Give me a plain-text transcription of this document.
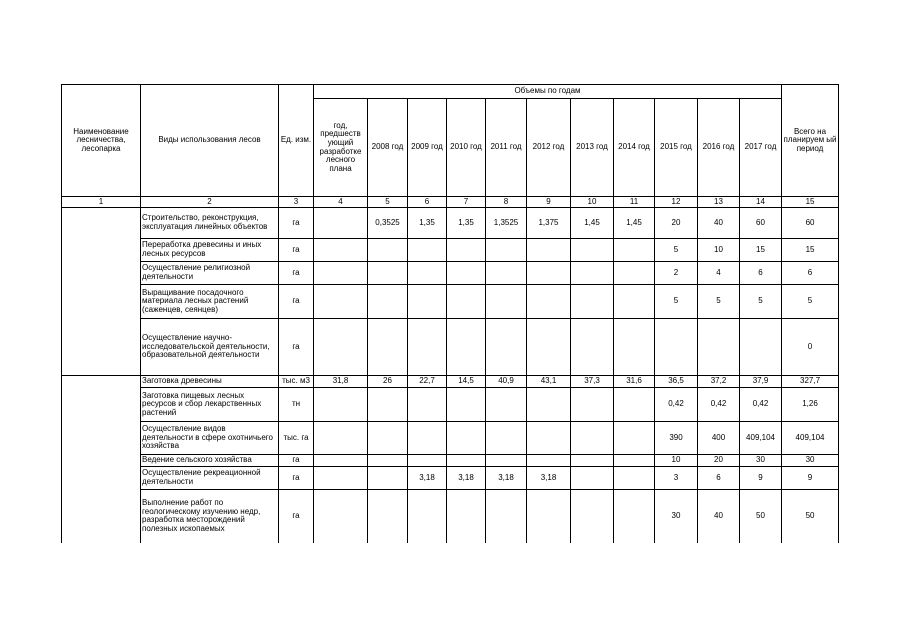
Наименование лесничества, лесопарка	Виды использования лесов	Ед. изм.	Объемы по годам											Всего на планируем ый период
			год, предшеств ующий разработке лесного плана	2008 год	2009 год	2010 год	2011 год	2012 год	2013 год	2014 год	2015 год	2016 год	2017 год	
1	2	3	4	5	6	7	8	9	10	11	12	13	14	15
	Строительство, реконструкция, эксплуатация линейных объектов	га		0,3525	1,35	1,35	1,3525	1,375	1,45	1,45	20	40	60	60
	Переработка древесины и иных лесных ресурсов	га									5	10	15	15
	Осуществление религиозной деятельности	га									2	4	6	6
	Выращивание посадочного материала лесных растений (саженцев, сеянцев)	га									5	5	5	5
	Осуществление научно-исследовательской деятельности, образовательной деятельности	га												0
	Заготовка древесины	тыс. м3	31,8	26	22,7	14,5	40,9	43,1	37,3	31,6	36,5	37,2	37,9	327,7
	Заготовка пищевых лесных ресурсов и сбор лекарственных растений	тн									0,42	0,42	0,42	1,26
	Осуществление видов деятельности в сфере охотничьего хозяйства	тыс. га									390	400	409,104	409,104
	Ведение сельского хозяйства	га									10	20	30	30
	Осуществление рекреационной деятельности	га			3,18	3,18	3,18	3,18			3	6	9	9
	Выполнение работ по геологическому изучению недр, разработка месторождений полезных ископаемых	га									30	40	50	50
